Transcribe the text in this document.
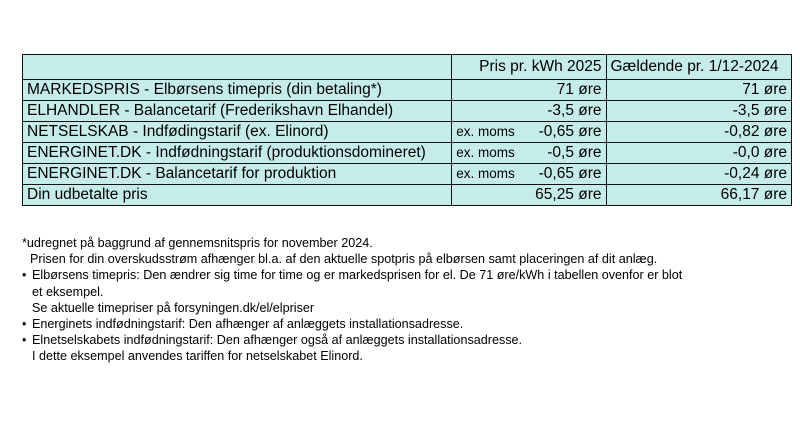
	Pris pr. kWh 2025	Gældende pr. 1/12-2024
MARKEDSPRIS - Elbørsens timepris (din betaling*)	71 øre	71 øre
ELHANDLER - Balancetarif (Frederikshavn Elhandel)	-3,5 øre	-3,5 øre
NETSELSKAB - Indfødingstarif (ex. Elinord)	ex. moms -0,65 øre	-0,82 øre
ENERGINET.DK - Indfødningstarif (produktionsdomineret)	ex. moms -0,5 øre	-0,0 øre
ENERGINET.DK - Balancetarif for produktion	ex. moms -0,65 øre	-0,24 øre
Din udbetalte pris	65,25 øre	66,17 øre
*udregnet på baggrund af gennemsnitspris for november 2024.
Prisen for din overskudsstrøm afhænger bl.a. af den aktuelle spotpris på elbørsen samt placeringen af dit anlæg.
• Elbørsens timepris: Den ændrer sig time for time og er markedsprisen for el. De 71 øre/kWh i tabellen ovenfor er blot
et eksempel.
Se aktuelle timepriser på forsyningen.dk/el/elpriser
• Energinets indfødningstarif: Den afhænger af anlæggets installationsadresse.
• Elnetselskabets indfødningstarif: Den afhænger også af anlæggets installationsadresse.
I dette eksempel anvendes tariffen for netselskabet Elinord.
